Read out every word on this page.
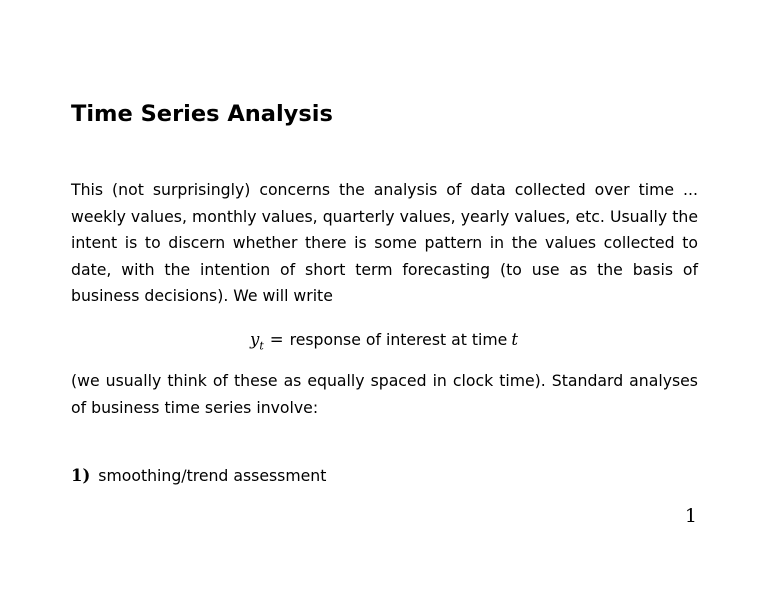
Time Series Analysis

This (not surprisingly) concerns the analysis of data collected over time ... weekly values, monthly values, quarterly values, yearly values, etc. Usually the intent is to discern whether there is some pattern in the values collected to date, with the intention of short term forecasting (to use as the basis of business decisions). We will write

$y_t$ = response of interest at time t

(we usually think of these as equally spaced in clock time). Standard analyses of business time series involve:

1) smoothing/trend assessment
1
